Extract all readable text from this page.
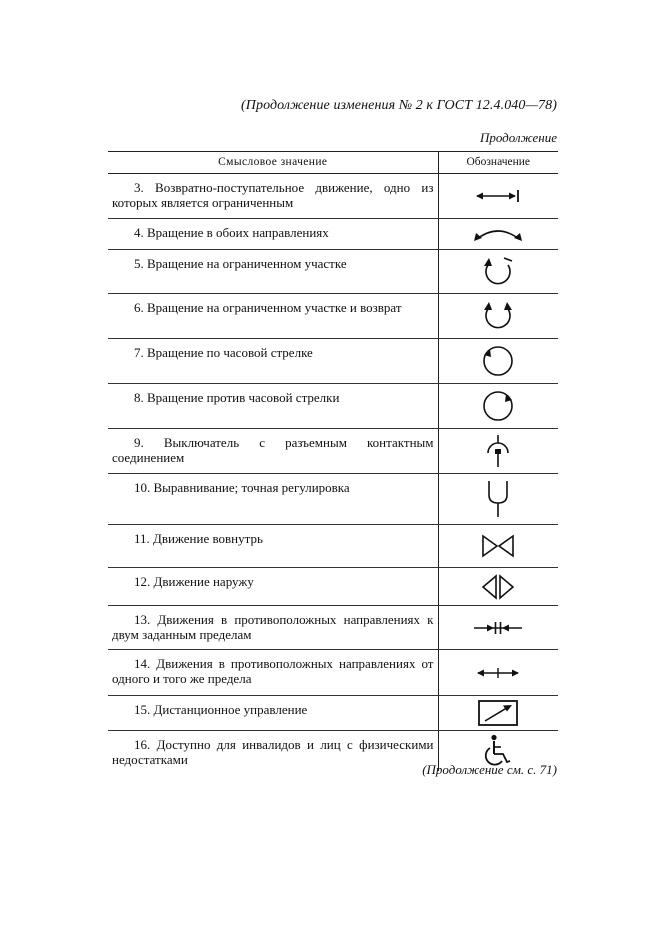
(Продолжение изменения № 2 к ГОСТ 12.4.040—78)
Продолжение
Смысловое значение	Обозначение

3. Возвратно-поступательное движение, одно из которых является ограниченным

4. Вращение в обоих направлениях

5. Вращение на ограниченном участке

6. Вращение на ограниченном участке и возврат

7. Вращение по часовой стрелке

8. Вращение против часовой стрелки

9. Выключатель с разъемным контактным соединением

10. Выравнивание; точная регулировка

11. Движение вовнутрь

12. Движение наружу

13. Движения в противоположных направлениях к двум заданным пределам

14. Движения в противоположных направлениях от одного и того же предела

15. Дистанционное управление

16. Доступно для инвалидов и лиц с физическими недостатками

(Продолжение см. с. 71)
